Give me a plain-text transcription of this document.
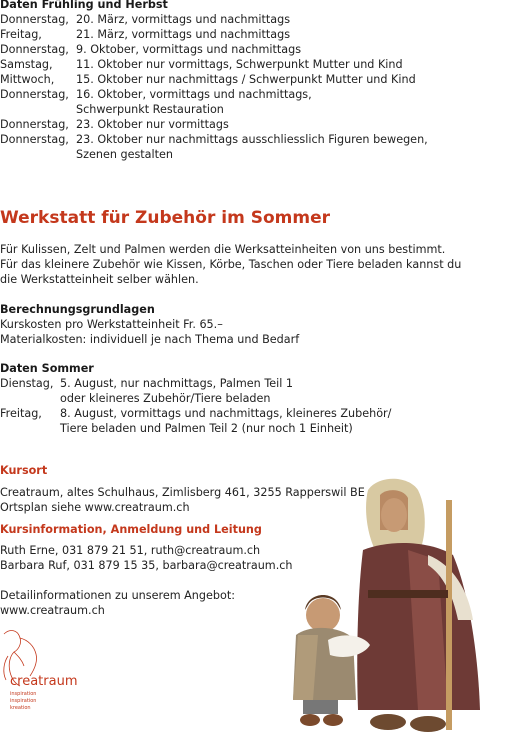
Daten Frühling und Herbst
Donnerstag, 20. März, vormittags und nachmittags
Freitag,	21. März, vormittags und nachmittags
Donnerstag, 9. Oktober, vormittags und nachmittags
Samstag, 11. Oktober nur vormittags, Schwerpunkt Mutter und Kind
Mittwoch, 15. Oktober nur nachmittags / Schwerpunkt Mutter und Kind
Donnerstag, 16. Oktober, vormittags und nachmittags,
Schwerpunkt Restauration
Donnerstag, 23. Oktober nur vormittags
Donnerstag, 23. Oktober nur nachmittags ausschliesslich Figuren bewegen,
Szenen gestalten
Werkstatt für Zubehör im Sommer
Für Kulissen, Zelt und Palmen werden die Werksatteinheiten von uns bestimmt.
Für das kleinere Zubehör wie Kissen, Körbe, Taschen oder Tiere beladen kannst du
die Werkstatteinheit selber wählen.
Berechnungsgrundlagen
Kurskosten pro Werkstatteinheit Fr. 65.–
Materialkosten: individuell je nach Thema und Bedarf
Daten Sommer
Dienstag, 5. August, nur nachmittags, Palmen Teil 1
oder kleineres Zubehör/Tiere beladen
Freitag, 8. August, vormittags und nachmittags, kleineres Zubehör/
Tiere beladen und Palmen Teil 2 (nur noch 1 Einheit)
Kursort
Creatraum, altes Schulhaus, Zimlisberg 461, 3255 Rapperswil BE
Ortsplan siehe www.creatraum.ch
Kursinformation, Anmeldung und Leitung
Ruth Erne, 031 879 21 51, ruth@creatraum.ch
Barbara Ruf, 031 879 15 35, barbara@creatraum.ch
Detailinformationen zu unserem Angebot:
www.creatraum.ch
creatraum
inspiration
inspiration
kreation
